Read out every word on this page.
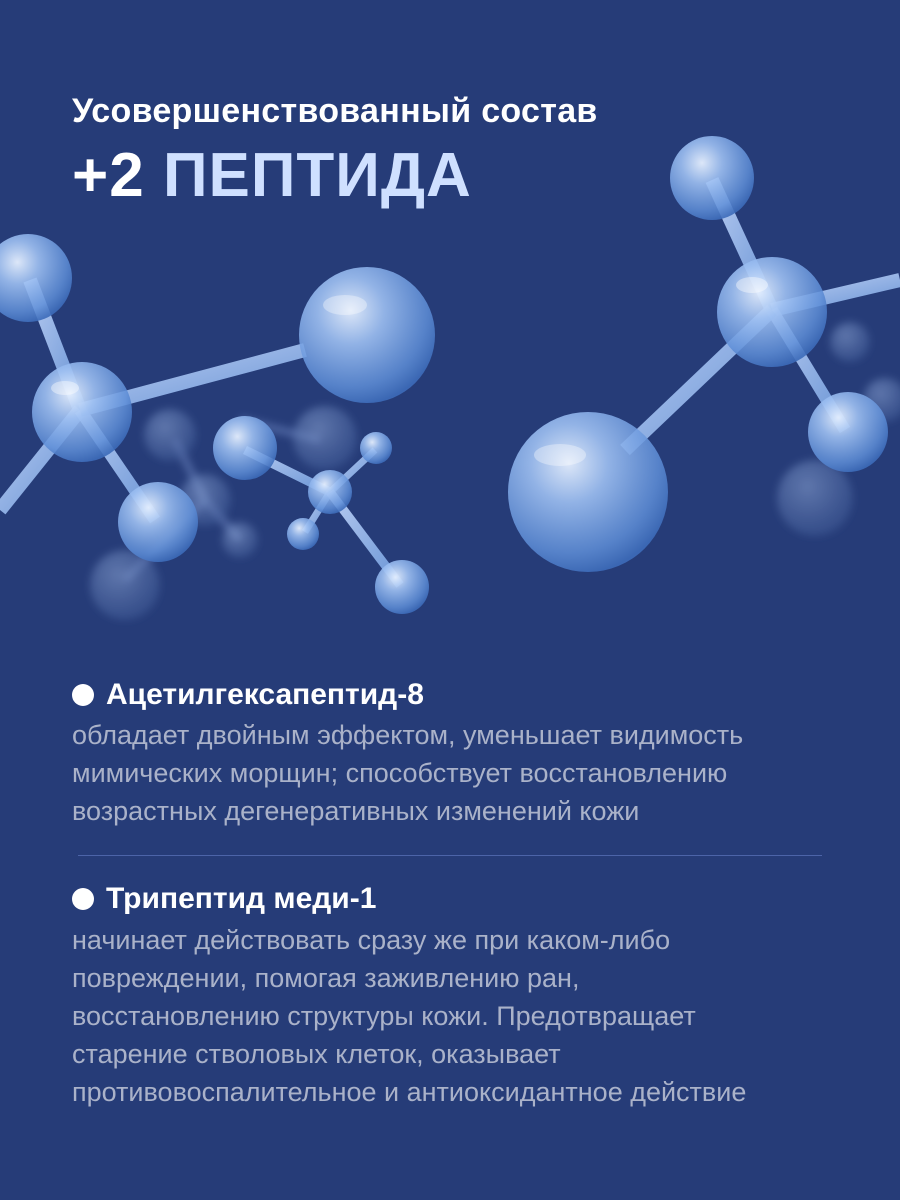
Усовершенствованный состав
+2 ПЕПТИДА
Ацетилгексапептид-8
обладает двойным эффектом, уменьшает видимость
мимических морщин; способствует восстановлению
возрастных дегенеративных изменений кожи
Трипептид меди-1
начинает действовать сразу же при каком-либо
повреждении, помогая заживлению ран,
восстановлению структуры кожи. Предотвращает
старение стволовых клеток, оказывает
противовоспалительное и антиоксидантное действие
